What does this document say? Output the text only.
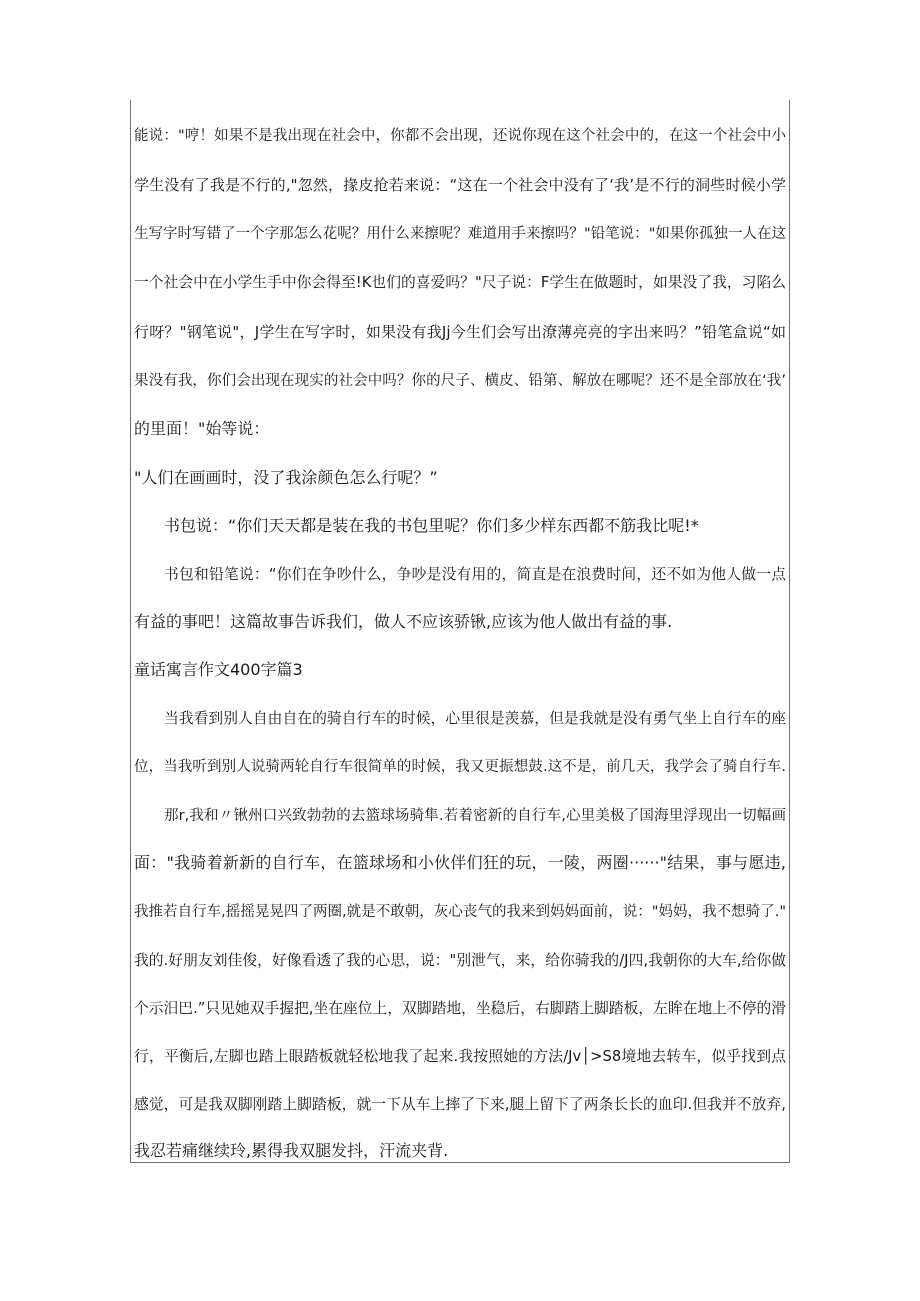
能说："哼！如果不是我出现在社会中，你都不会出现，还说你现在这个社会中的，在这一个社会中小
学生没有了我是不行的,"忽然，掾皮抢若来说：“这在一个社会中没有了‘我’是不行的洞些时候小学
生写字时写错了一个字那怎么花呢？用什么来擦呢？难道用手来擦吗？"铅笔说："如果你孤独一人在这
一个社会中在小学生手中你会得至!K也们的喜爱吗？"尺子说：F学生在做题时，如果没了我，习陷么
行呀？"钢笔说"，J学生在写字时，如果没有我Jj今生们会写出潦薄亮亮的字出来吗？”铅笔盒说“如
果没有我，你们会出现在现实的社会中吗？你的尺子、横皮、铅第、解放在哪呢？还不是全部放在‘我’
的里面！"始等说：
"人们在画画时，没了我涂颜色怎么行呢？”
书包说：“你们天天都是装在我的书包里呢？你们多少样东西都不筋我比呢!*
书包和铅笔说：“你们在争吵什么，争吵是没有用的，简直是在浪费时间，还不如为他人做一点
有益的事吧！这篇故事告诉我们，做人不应该骄锹,应该为他人做出有益的事.
童话寓言作文400字篇3
当我看到别人自由自在的骑自行车的时候，心里很是羡慕，但是我就是没有勇气坐上自行车的座
位，当我听到别人说骑两轮自行车很简单的时候，我又更振想鼓.这不是，前几天，我学会了骑自行车.
那r,我和〃锹州口兴致勃勃的去篮球场骑隼.若着密新的自行车,心里美极了国海里浮现出一切幅画
面："我骑着新新的自行车，在篮球场和小伙伴们狂的玩，一陵，两圈······"结果，事与愿违,
我推若自行车,摇摇晃晃四了两圈,就是不敢朝，灰心丧气的我来到妈妈面前，说："妈妈，我不想骑了."
我的.好朋友刘佳俊，好像看透了我的心思，说："别泄气，来，给你骑我的/J四,我朝你的大车,给你做
个示汨巴.”只见她双手握把,坐在座位上，双脚踏地，坐稳后，右脚踏上脚踏板，左眸在地上不停的滑
行，平衡后,左脚也踏上眼踏板就轻松地我了起来.我按照她的方法/Jv│>S8境地去转车，似乎找到点
感觉，可是我双脚刚踏上脚踏板，就一下从车上摔了下来,腿上留下了两条长长的血印.但我并不放弃,
我忍若痛继续玲,累得我双腿发抖，汗流夹背.
